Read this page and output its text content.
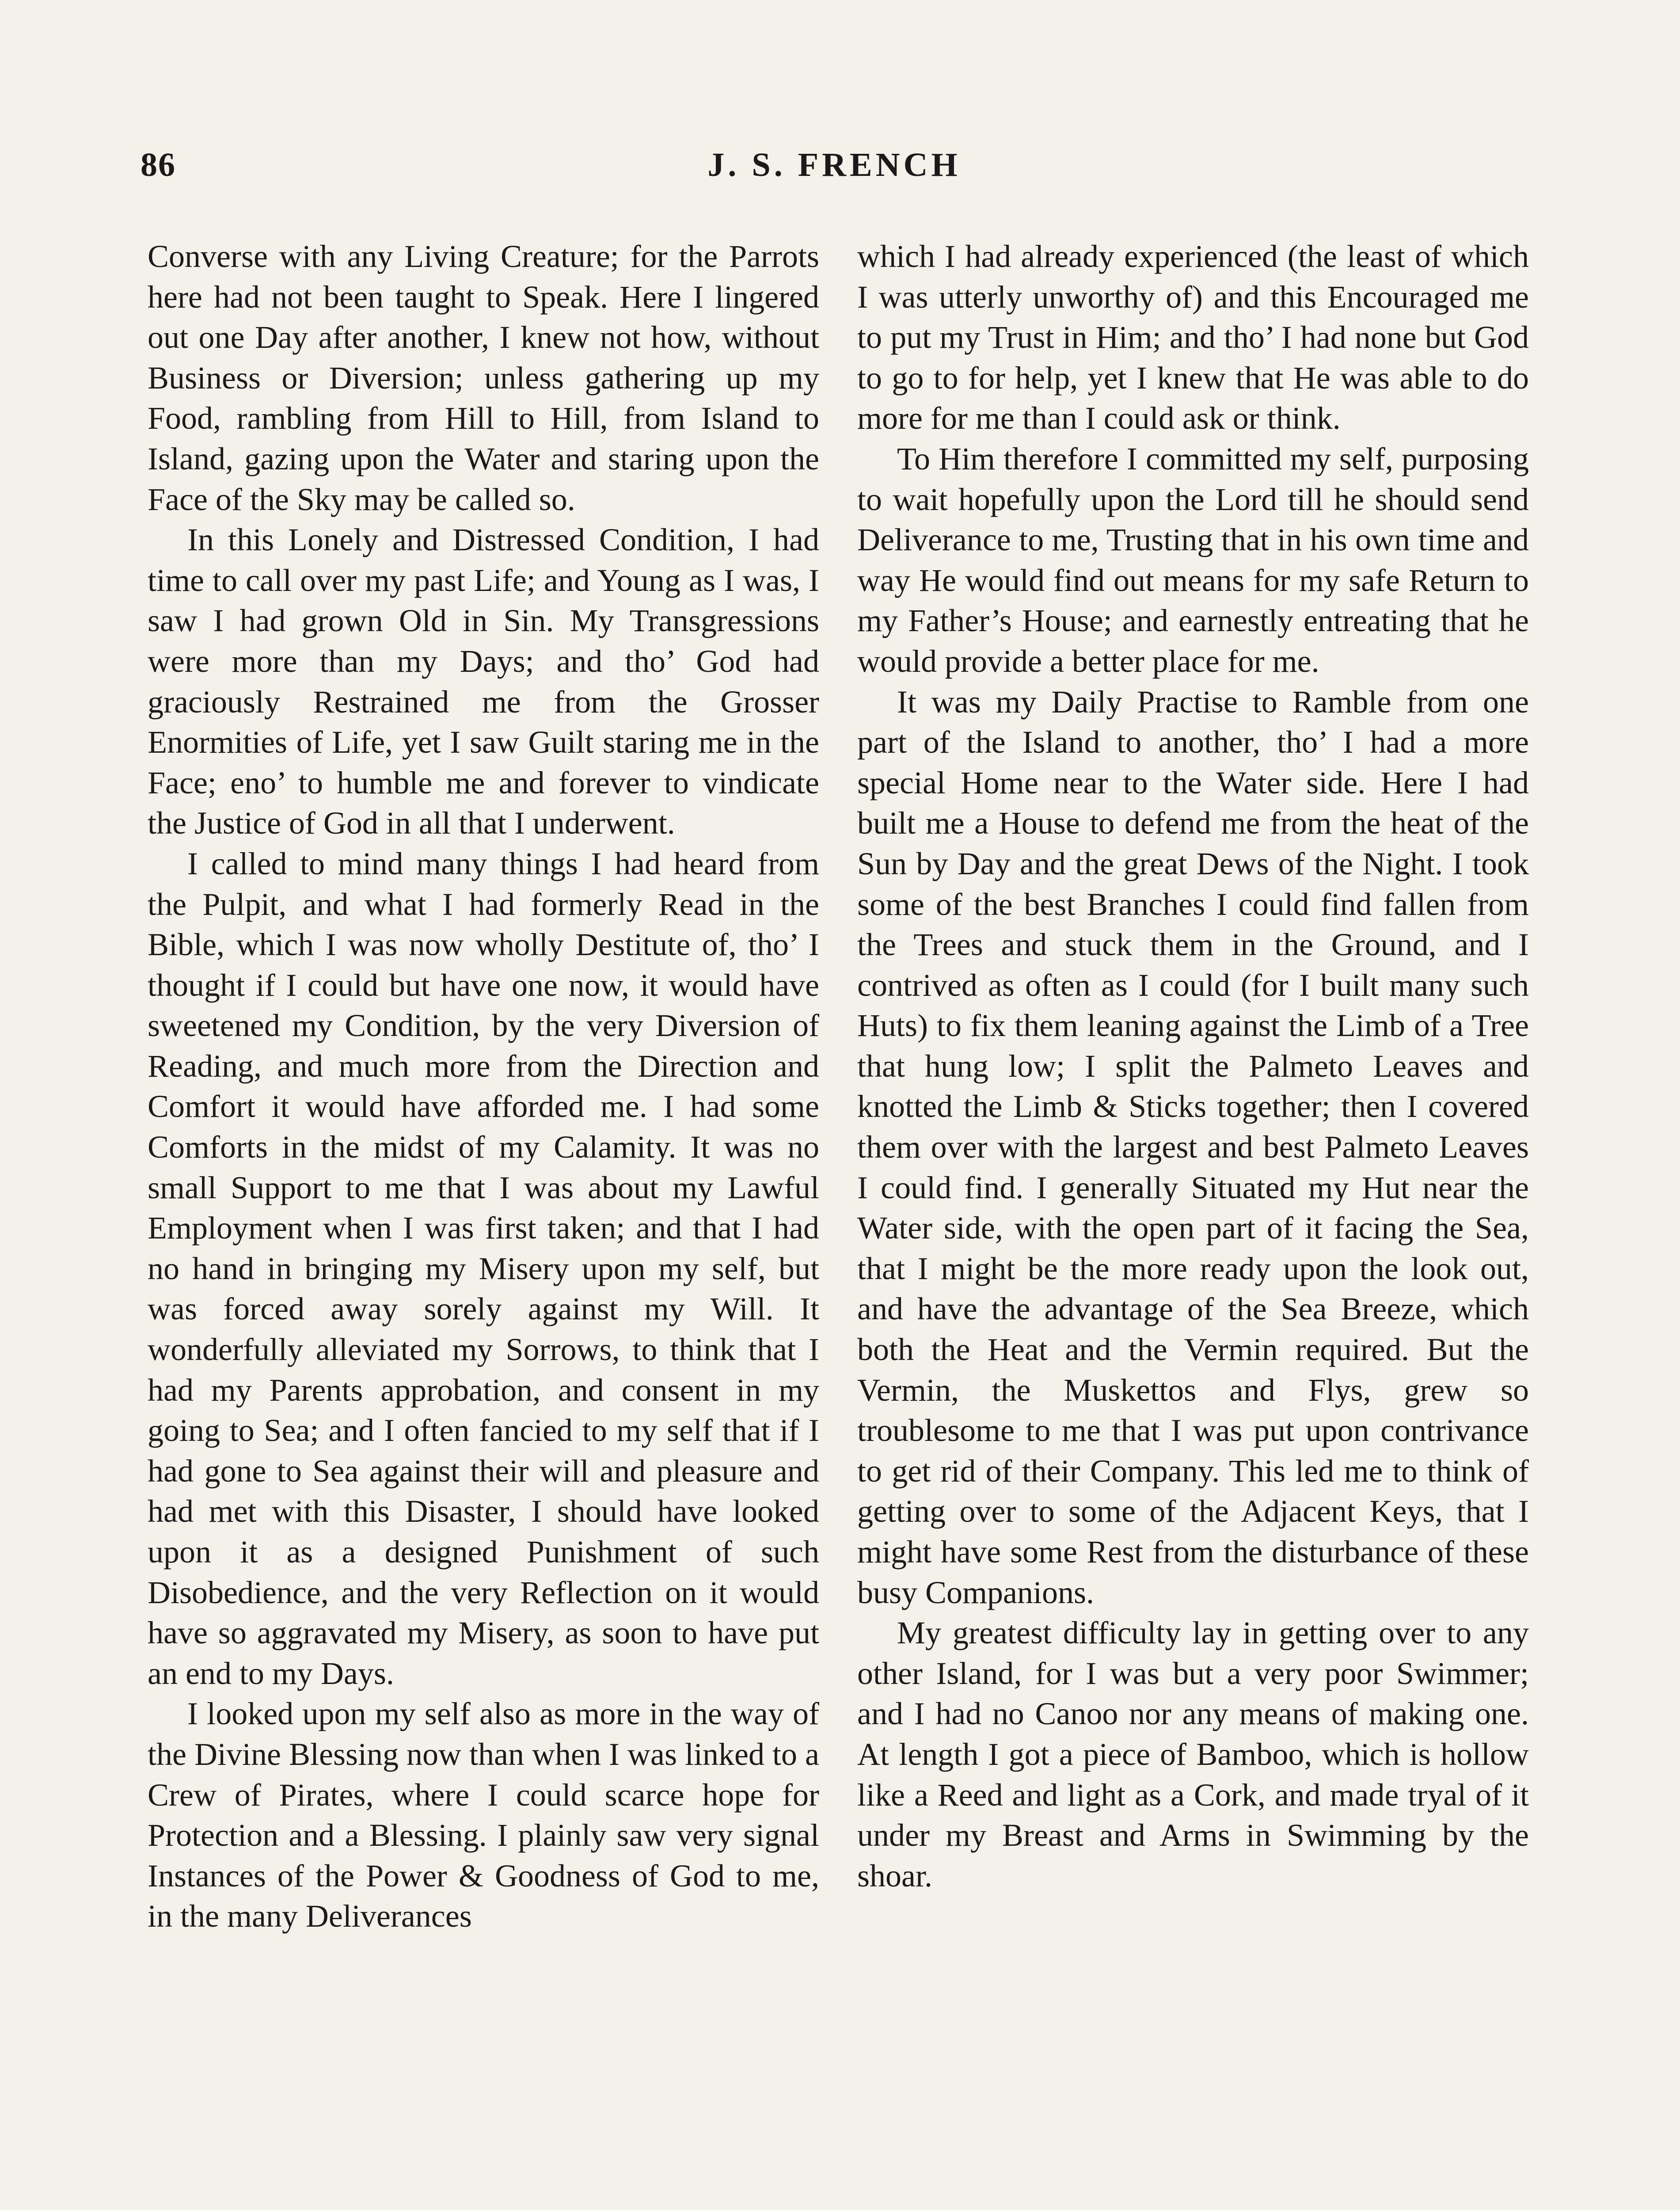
86	J. S. FRENCH

Converse with any Living Creature; for the Parrots here had not been taught to Speak. Here I lingered out one Day after another, I knew not how, without Business or Diversion; unless gathering up my Food, rambling from Hill to Hill, from Island to Island, gazing upon the Water and staring upon the Face of the Sky may be called so.

In this Lonely and Distressed Condition, I had time to call over my past Life; and Young as I was, I saw I had grown Old in Sin. My Transgressions were more than my Days; and tho’ God had graciously Restrained me from the Grosser Enormities of Life, yet I saw Guilt staring me in the Face; eno’ to humble me and forever to vindicate the Justice of God in all that I underwent.

I called to mind many things I had heard from the Pulpit, and what I had formerly Read in the Bible, which I was now wholly Destitute of, tho’ I thought if I could but have one now, it would have sweetened my Condition, by the very Diversion of Reading, and much more from the Direction and Comfort it would have afforded me. I had some Comforts in the midst of my Calamity. It was no small Support to me that I was about my Lawful Employment when I was first taken; and that I had no hand in bringing my Misery upon my self, but was forced away sorely against my Will. It wonderfully alleviated my Sorrows, to think that I had my Parents approbation, and consent in my going to Sea; and I often fancied to my self that if I had gone to Sea against their will and pleasure and had met with this Disaster, I should have looked upon it as a designed Punishment of such Disobedience, and the very Reflection on it would have so aggravated my Misery, as soon to have put an end to my Days.

I looked upon my self also as more in the way of the Divine Blessing now than when I was linked to a Crew of Pirates, where I could scarce hope for Protection and a Blessing. I plainly saw very signal Instances of the Power & Goodness of God to me, in the many Deliverances

which I had already experienced (the least of which I was utterly unworthy of) and this Encouraged me to put my Trust in Him; and tho’ I had none but God to go to for help, yet I knew that He was able to do more for me than I could ask or think.

To Him therefore I committed my self, purposing to wait hopefully upon the Lord till he should send Deliverance to me, Trusting that in his own time and way He would find out means for my safe Return to my Father’s House; and earnestly entreating that he would provide a better place for me.

It was my Daily Practise to Ramble from one part of the Island to another, tho’ I had a more special Home near to the Water side. Here I had built me a House to defend me from the heat of the Sun by Day and the great Dews of the Night. I took some of the best Branches I could find fallen from the Trees and stuck them in the Ground, and I contrived as often as I could (for I built many such Huts) to fix them leaning against the Limb of a Tree that hung low; I split the Palmeto Leaves and knotted the Limb & Sticks together; then I covered them over with the largest and best Palmeto Leaves I could find. I generally Situated my Hut near the Water side, with the open part of it facing the Sea, that I might be the more ready upon the look out, and have the advantage of the Sea Breeze, which both the Heat and the Vermin required. But the Vermin, the Muskettos and Flys, grew so troublesome to me that I was put upon contrivance to get rid of their Company. This led me to think of getting over to some of the Adjacent Keys, that I might have some Rest from the disturbance of these busy Companions.

My greatest difficulty lay in getting over to any other Island, for I was but a very poor Swimmer; and I had no Canoo nor any means of making one. At length I got a piece of Bamboo, which is hollow like a Reed and light as a Cork, and made tryal of it under my Breast and Arms in Swimming by the shoar.
